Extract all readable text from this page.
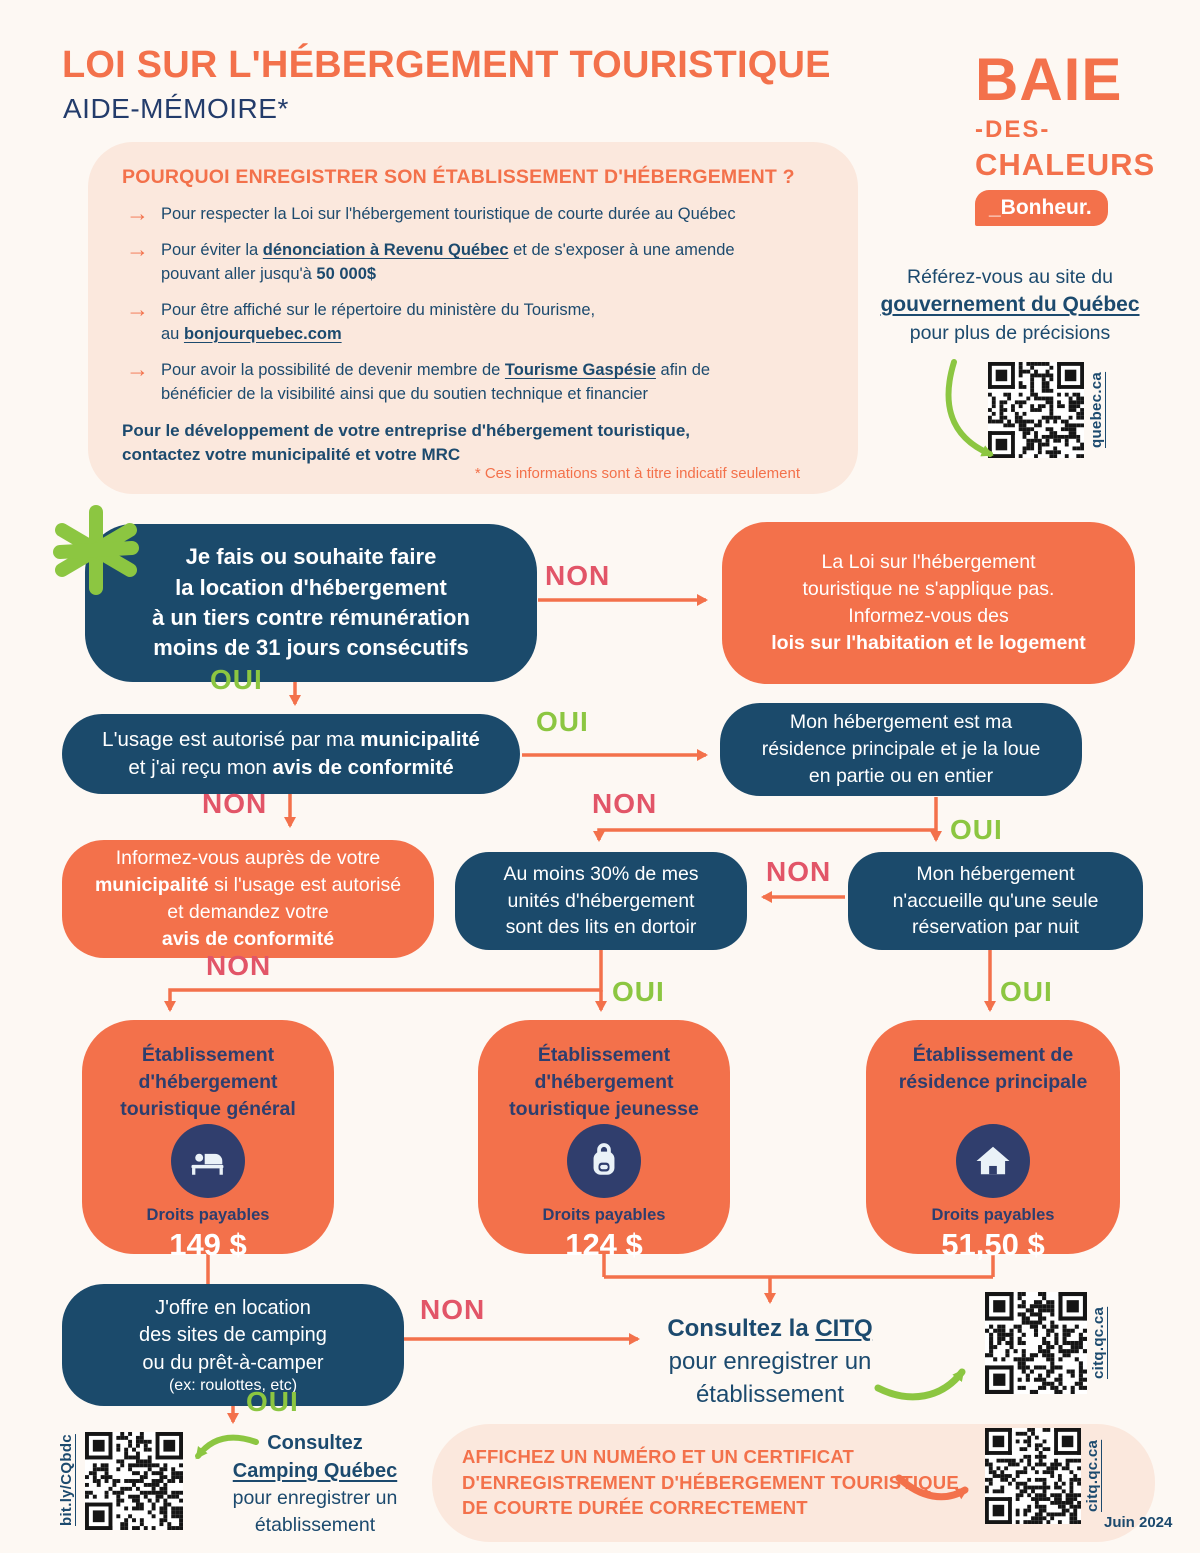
LOI SUR L'HÉBERGEMENT TOURISTIQUE
AIDE-MÉMOIRE*	BAIE
-DES-
CHALEURS
_Bonheur.
POURQUOI ENREGISTRER SON ÉTABLISSEMENT D'HÉBERGEMENT ?
→ Pour respecter la Loi sur l'hébergement touristique de courte durée au Québec
→ Pour éviter la dénonciation à Revenu Québec et de s'exposer à une amende
pouvant aller jusqu'à 50 000$
→ Pour être affiché sur le répertoire du ministère du Tourisme,
au bonjourquebec.com
→ Pour avoir la possibilité de devenir membre de Tourisme Gaspésie afin de
bénéficier de la visibilité ainsi que du soutien technique et financier
Pour le développement de votre entreprise d'hébergement touristique,
contactez votre municipalité et votre MRC
* Ces informations sont à titre indicatif seulement
Référez-vous au site du
gouvernement du Québec
pour plus de précisions
quebec.ca
Je fais ou souhaite faire
la location d'hébergement
à un tiers contre rémunération
moins de 31 jours consécutifs
NON	La Loi sur l'hébergement
touristique ne s'applique pas.
Informez-vous des
lois sur l'habitation et le logement
OUI
L'usage est autorisé par ma municipalité
et j'ai reçu mon avis de conformité
OUI	Mon hébergement est ma
résidence principale et je la loue
en partie ou en entier
NON	NON
OUI
Informez-vous auprès de votre
municipalité si l'usage est autorisé
et demandez votre
avis de conformité
Au moins 30% de mes
unités d'hébergement
sont des lits en dortoir
Mon hébergement
n'accueille qu'une seule
réservation par nuit
NON
NON
OUI	OUI
Établissement
d'hébergement
touristique général
Droits payables
149 $
Établissement
d'hébergement
touristique jeunesse
Droits payables
124 $
Établissement de
résidence principale
Droits payables
51,50 $
J'offre en location
des sites de camping
ou du prêt-à-camper
(ex: roulottes, etc)
NON
OUI
Consultez la CITQ
pour enregistrer un
établissement
citq.qc.ca
bit.ly/CQbdc	Consultez
Camping Québec
pour enregistrer un
établissement
AFFICHEZ UN NUMÉRO ET UN CERTIFICAT
D'ENREGISTREMENT D'HÉBERGEMENT TOURISTIQUE
DE COURTE DURÉE CORRECTEMENT	citq.qc.ca
Juin 2024
